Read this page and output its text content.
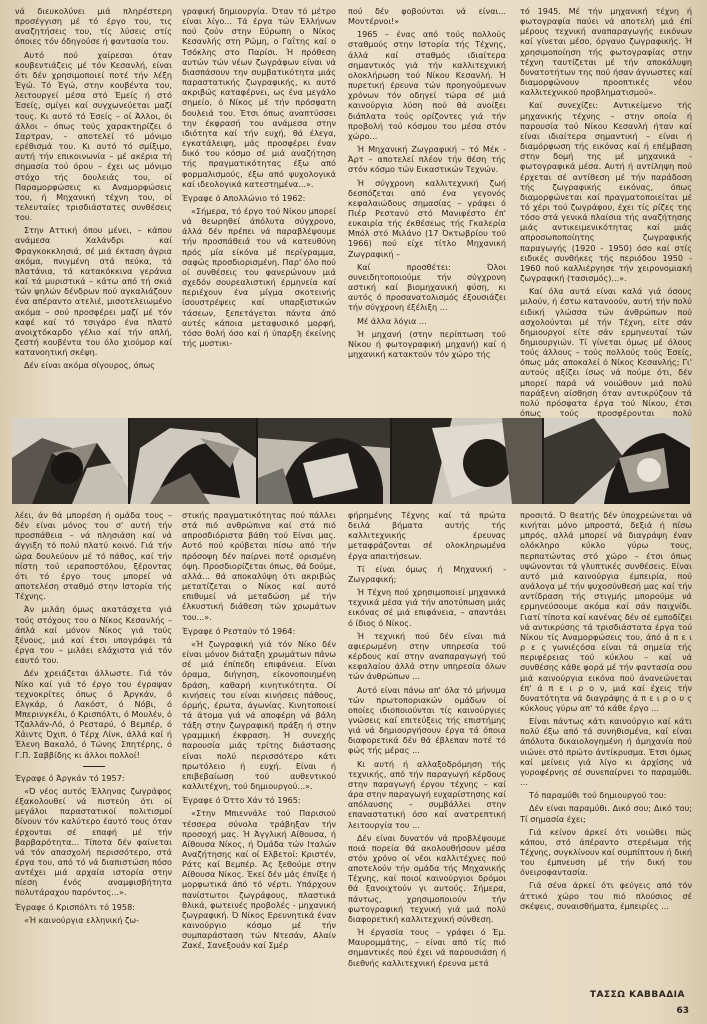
νά διευκολύνει μιά πληρέστερη προσέγγιση μέ τό έργο του, τις αναζητήσεις του, τίς λύσεις στίς όποιες τόν όδηγούσε ή φαντασία του.

Αυτό πού χαίρεσαι όταν κουβεντιάζεις μέ τόν Κεσανλή, είναι ότι δέν χρησιμοποιεί ποτέ τήν λέξη Έγώ. Τό Έγώ, στην κουβέντα του, λειτουργεί μέσα στό Έμείς ή στό Έσείς, σμίγει καί συγχωνεύεται μαζί τους. Κι αυτό τό Έσείς – οί Άλλοι, όι άλλοι – όπως τούς χαρακτηρίζει ό Σαρτραν, – αποτελεί τό μόνιμο ερέθισμά του. Κι αυτό τό σμίξιμο, αυτή τήν επικοινωνία – μέ ακέρια τή σημασία τού όρου – έχει ως μόνιμο στόχο τής δουλειάς του, οί Παραμορφώσεις κι Αναμορφώσεις του, ή Μηχανική τέχνη του, οί τελευταίες τρισδιάστατες συνθέσεις του.

Στην Αττική όπου μένει, – κάπου ανάμεσα Χαλάνδρι καί Φραγκοκκλησιά, σέ μιά έκταση άγρια ακόμα, πνιγμένη στά πεύκα, τά πλατάνια, τά κατακόκκινα γεράνια καί τά μυριστικά – κάτω από τή σκιά τών ψηλών δένδρων πού αγκαλιάζουν ένα απέραντο ατελιέ, μισοτελειωμένο ακόμα – σού προσφέρει μαζί μέ τόν καφέ καί τό τσιγάρο ένα πλατύ ανοιχτόκαρδο γέλιο καί τήν απλή, ζεστή κουβέντα του όλο χιούμορ καί κατανοητική σκέψη.

Δέν είναι ακόμα σίγουρος, όπως

γραφική δημιουργία. Όταν τό μέτρο είναι λίγο... Τά έργα τών Έλλήνων πού ζούν στην Εύρωπη ο Νίκος Κεσανλής στη Ρώμη, ο Γαΐτης καί ο Τσόκλης στο Παρίσι. Ή πρόθεση αυτών τών νέων ζωγράφων είναι νά διασπάσουν την συμβατικότητα μιάς παραστατικής ζωγραφικής, κι αυτό ακριβώς καταφέρνει, ως ένα μεγάλο σημείο, ό Νίκος μέ τήν πρόσφατη δουλειά του. Έτσι όπως αναπτύσσει την έκφρασή του ανάμεσα στην ιδιότητα καί τήν ευχή, θά έλεγα, εγκατάλειψη, μάς προσφέρει έναν δικό του κόσμο σέ μιά αναζήτηση τής πραγματικότητας έξω από φορμαλισμούς, έξω από ψυχολογικά καί ιδεολογικά κατεστημένα...».

Έγραφε ό Απολλώνιο τό 1962:

«Σήμερα, τό έργο τού Νίκου μπορεί νά θεωρηθεί άπόλυτα σύγχρονο, άλλά δέν πρέπει νά παραβλέψουμε τήν προσπάθειά του νά κατευθύνη πρός μία είκόνα μέ περίγραμμα, σαφώς προσδιορισμένη. Παρ' όλο πού οί συνθέσεις του φανερώνουν μιά σχεδόν σουρεαλιστική έρμηνεία καί περιέχουν ένα μίγμα σκοτεινής ίσουστρέψεις καί υπαρξιστικών τάσεων, ξεπετάγεται πάντα άπό αυτές κάποια μεταφυσικό μορφή, τόσο θολή όσο καί ή ύπαρξη έκείνης τής μυστικι-

πού δέν φοβούνται νά είναι... Μοντέρνοι!»

1965 – ένας από τούς πολλούς σταθμούς στην Ιστορία τής Τέχνης, άλλά καί σταθμός ιδιαίτερα σημαντικός γιά τήν καλλιτεχνική ολοκλήρωση τού Νίκου Κεσανλή. Ή πυρετική έρευνα τών προηγούμενων χρόνων τόν οδηγεί τώρα σέ μιά καινούργια λύση πού θά ανοίξει διάπλατα τούς ορίζοντες γιά τήν προβολή τού κόσμου του μέσα στόν χώρο...

Ή Μηχανική Ζωγραφική – τό Μέκ - Άρτ – αποτελεί πλέον τήν θέση τής στόν κόσμο τών Εικαστικών Τεχνών.

Ή σύγχρονη καλλιτεχνική ζωή δεσπόζεται από ένα γεγονός κεφαλαιώδους σημασίας – γράφει ό Πιέρ Ρεστανύ στό Μανιφέστο έπ' ευκαιρία τής έκθέσεως τής Γκαλερία Μπόλ στό Μιλάνο (17 Όκτωβρίου τού 1966) πού είχε τίτλο Μηχανική Ζωγραφική –

Καί προσθέτει: Όλοι συνειδητοποιούμε τήν σύγχρονη αστική καί βιομηχανική φύση, κι αυτός ό προσανατολισμός έξουσιάζει τήν σύγχρονη έξέλιξη ...

Μέ άλλα λόγια ...

Ή μηχανή (στην περίπτωση τού Νίκου ή φωτογραφική μηχανή) καί ή μηχανική κατακτούν τόν χώρο τής

τό 1945. Μέ τήν μηχανική τέχνη ή φωτογραφία παύει νά αποτελή μιά έπί μέρους τεχνική αναπαραγωγής εικόνων καί γίνεται μέσο, όργανο ζωγραφικής. Ή χρησιμοποίηση τής φωτογραφίας στην τέχνη ταυτίζεται μέ τήν αποκάλυψη δυνατοτήτων της πού ήσαν άγνωστες καί διαμορφώνουν προοπτικές νέου καλλιτεχνικού προβληματισμού».

Καί συνεχίζει: Αντικείμενο τής μηχανικής τέχνης – στην οποία ή παρουσία τού Νίκου Κεσανλή ήταν καί είναι ιδιαίτερα σημαντική – είναι ή διαμόρφωση τής εικόνας καί ή επέμβαση στην δομή της μέ μηχανικά - φωτογραφικά μέσα. Αυτή ή αντίληψη πού έρχεται σέ αντίθεση μέ τήν παράδοση τής ζωγραφικής εικόνας, όπως διαμορφώνεται καί πραγματοποιείται μέ τό χέρι τού ζωγράφου, έχει τίς ρίζες της τόσο στά γενικά πλαίσια τής αναζήτησης μιάς αντικειμενικότητας καί μιάς απροσωποποίητης ζωγραφικής παραγωγής (1920 - 1950) όσο καί στίς ειδικές συνθήκες τής περιόδου 1950 - 1960 πού καλλιέργησε τήν χειρονομιακή ζωγραφική (τασισμός)...».

Καί όλα αυτά είναι καλά γιά όσους μιλούν, ή έστω κατανοούν, αυτή τήν πολύ ειδική γλώσσα τών άνθρώπων πού ασχολούνται μέ τήν Τέχνη, είτε σάν δημιουργοί είτε σάν ερμηνευταί τών δημιουργιών. Τί γίνεται όμως μέ όλους τούς άλλους – τούς πολλούς τούς Έσείς, όπως μάς αποκαλεί ό Νίκος Κεσανλής; Γι' αυτούς αξίζει ίσως νά πούμε ότι, δέν μπορεί παρά νά νοιώθουν μιά πολύ παράξενη αίσθηση όταν αντικρύζουν τά πολύ πρόσφατα έργα τού Νίκου, έτσι όπως τούς προσφέρονται πολύ

λέει, άν θά μπορέση ή ομάδα τους – δέν είναι μόνος του σ' αυτή τήν προσπάθεια – νά πλησιάση καί νά άγγιξη τό πολύ πλατύ κοινό. Γιά τήν ώρα δουλεύουν μέ τό πάθος, καί τήν πίστη τού ιεραποστόλου, ξέροντας ότι τό έργο τους μπορεί νά αποτελέση σταθμό στην Ιστορία τής Τέχνης.

Άν μιλάη όμως ακατάσχετα γιά τούς στόχους του ο Νίκος Κεσανλής – άπλά καί μόνον Νίκος γιά τούς ξένους, μιά καί έτσι υπογράφει τά έργα του – μιλάει ελάχιστα γιά τόν εαυτό του.

Δέν χρειάζεται άλλωστε. Γιά τόν Νίκο καί γιά τό έργο του έγραψαν τεχνοκρίτες όπως ό Άργκάν, ό Ελγκάρ, ό Λακόστ, ό Νόβι, ό Μπερινγκέλι, ό Κρισπόλτι, ό Μουλέν, ό Τζαλλάν-Λό, ό Ρεσταρύ, ό Βεμπέρ, ό Χάιντς Όχιπ, ό Τέρχ Λίνκ, άλλά καί ή Έλενη Βακαλό, ό Τώνης Σπητέρης, ό Γ.Π. Σαββίδης κι άλλοι πολλοί!

Έγραφε ό Άργκάν τό 1957:

«Ό νέος αυτός Έλληνας ζωγράφος έξακολουθεί νά πιστεύη ότι οί μεγάλοι παραστατικοί πολιτισμοί δίνουν τόν καλύτερο έαυτό τους όταν έρχονται σέ επαφή μέ τήν βαρβαρότητα... Τίποτα δέν φαίνεται νά τόν απασχολή περισσότερο, στά έργα του, από τό νά διαπιστώση πόσο αντέχει μιά αρχαία ιστορία στην πίεση ένός αναμφισβήτητα πολυτάραχου παρόντος...».

Έγραφε ό Κρισπόλτι τό 1958:

«Ή καινούργια ελληνική ζω-

στικής πραγματικότητας πού πάλλει στά πιό ανθρώπινα καί στά πιό απροσδιόριστα βάθη τού Είναι μας. Αυτό πού κρύβεται πίσω από τήν πρόσοψη δέν παίρνει ποτέ ορισμένη όψη. Προσδιορίζεται όπως, θά δούμε, αλλά... θά αποκαλύψη ότι ακριβώς μετατίζεται ο Νίκος καί αυτό επιθυμεί νά μεταδώση μέ τήν έλκυστική διάθεση τών χρωμάτων του...».

Έγραφε ό Ρεσταύν τό 1964:

«Ή ζωγραφική γιά τόν Νίκο δέν είναι μόνον διάταξη χρωμάτων πάνω σέ μιά έπίπεδη επιφάνεια. Είναι όραμα, διήγηση, είκονοποιημένη δράση, καθαρή κινητικότητα. Οί κινήσεις του είναι κινήσεις πάθους, όρμής, έρωτα, άγωνίας. Κινητοποιεί τά άτομα γιά νά αποφέρη νά βάλη τάξη στην ζωγραφική πράξη ή στην γραμμική έκφραση. Ή συνεχής παρουσία μιάς τρίτης διάστασης είναι πολύ περισσότερο κάτι πρωτόλειο ή ευχή. Είναι ή επιβεβαίωση τού αυθεντικού καλλιτέχνη, τού δημιουργού...».

Έγραφε ό Όττο Χάν τό 1965:

«Στην Μπιεννάλε τού Παρισιού τέσσερα σύνολα τράβηξαν τήν προσοχή μας. Ή Άγγλική Αίθουσα, ή Αίθουσα Νίκος, ή Όμάδα τών Ιταλών Αναζήτησης καί οί Ελβετοί: Κριστέν, Ράτς καί Βεμπέρ. Άς ξεθούμε στην Αίθουσα Νίκος. Έκεί δέν μάς έπνίξε ή μορφωτικά άπό τό νέρτι. Υπάρχουν πανίστωτοι ζωγράφους, πλαστικά θλικά, φωτεινές προβολές - μηχανική ζωγραφική. Ό Νίκος Ερευνητικά έναν καινούργιο κόσμο μέ τήν συμπαράσταση τών Ντεσάν, Αλαίν Ζακέ, Σανεξουάν καί Σμέρ

φήρημένης Τέχνης καί τά πρώτα δειλά βήματα αυτής τής καλλιτεχνικής έρευνας μεταφράζονται σέ ολοκληρωμένα έργα απαιτήσεων.

Τί είναι όμως ή Μηχανική - Ζωγραφική;

Ή Τέχνη πού χρησιμοποιεί μηχανικά τεχνικά μέσα γιά τήν αποτύπωση μιάς εικόνας σέ μιά επιφάνεια, – απαντάει ό ίδιος ό Νίκος.

Ή τεχνική πού δέν είναι πιά αφιερωμένη στην υπηρεσία τού κέρδους καί στην αναπαραγωγή τού κεφαλαίου άλλά στην υπηρεσία όλων τών άνθρώπων ...

Αυτό είναι πάνω απ' όλα τό μήνυμα τών πρωτοποριακών ομάδων οί οποίες ιδιοποιούνται τίς καινούργιες γνώσεις καί επιτεύξεις τής επιστήμης γιά νά δημιουργήσουν έργα τά όποια διαφορετικά δέν θά έβλεπαν ποτέ τό φώς τής μέρας ...

Κι αυτή ή αλλαξοδρόμηση τής τεχνικής, από τήν παραγωγή κέρδους στην παραγωγή έργου τέχνης – καί άρα στην παραγωγή ευχαρίστησης καί απόλαυσης – συμβάλλει στην επαναστατική όσο καί ανατρεπτική λειτουργία του ...

Δέν είναι δυνατόν νά προβλέψουμε ποιά πορεία θά ακολουθήσουν μέσα στόν χρόνο οί νέοι καλλιτέχνες πού αποτελούν τήν ομάδα τής Μηχανικής Τέχνης, καί ποιοί καινούργιοι δρόμοι θά ξανοιχτούν γι αυτούς. Σήμερα, πάντως, χρησιμοποιούν τήν φωτογραφική τεχνική γιά μιά πολύ διαφορετική καλλιτεχνική σύνθεση.

Ή έργασία τους – γράφει ό Έμ. Μαυρομμάτης, – είναι από τίς πιό σημαντικές πού έχει νά παρουσιάση ή διεθνής καλλιτεχνική έρευνα μετά

προσιτά. Ό θεατής δέν ύποχρεώνεται νά κινήται μόνο μπροστά, δεξιά ή πίσω μπρός, αλλά μπορεί νά διαγράψη έναν ολόκληρο κύκλο γύρω τους, περπατώντας στό χώρο – έτσι όπως υψώνονται τά γλυπτικές συνθέσεις. Είναι αυτό μιά καινούργια έμπειρία, πού ανάλογα μέ τήν ψυχοσύνθεσή μας καί τήν αντίδραση τής στιγμής μπορούμε νά ερμηνεύσουμε ακόμα καί σάν παιχνίδι. Γιατί τίποτα καί κανένας δέν σέ εμποδίζει νά αντικρύσης τά τρισδιάστατα έργα τού Νίκου τίς Αναμορφώσεις του, άπό ά π ε ι ρ ε ς γωνιέςόσα είναι τά σημεία τής περιφέρειας τού κύκλου – καί νά συνθέσης κάθε φορά μέ τήν φαντασία σου μιά καινούργια εικόνα πού άνανεώνεται έπ' ά π ε ι ρ ο ν, μιά καί έχεις τήν δυνατότητα νά διαγράψης ά π ε ι ρ ο υ ς κύκλους γύρω απ' τό κάθε έργο ...

Είναι πάντως κάτι καινούργιο καί κάτι πολύ έξω από τά συνηθισμένα, καί είναι άπόλυτα δικαιολογημένη ή άμηχανία πού νιώνει στό πρώτο άντίκρυσμα. Έτσι όμως καί μείνεις γιά λίγο κι άρχίσης νά γυροφέρνης σέ συνεπαίρνει το παραμύθι. ...

Τό παραμύθι τού δημιουργού του:

Δέν είναι παραμύθι. Δικό σου; Δικό του; Τί σημασία έχει;

Γιά κείνον άρκεί ότι νοιώθει πώς κάπου, στό άπέραντο στερέωμα τής Τέχνης, συγκλίνουν καί συμπίπτουν ή δική του έμπνευση μέ τήν δική του όνειροφαντασία.

Γιά σένα άρκεί ότι φεύγεις από τόν άττικό χώρο του πιό πλούσιος σέ σκέψεις, συναισθήματα, έμπειρίες ...

ΤΑΣΣΩ ΚΑΒΒΑΔΙΑ
63
